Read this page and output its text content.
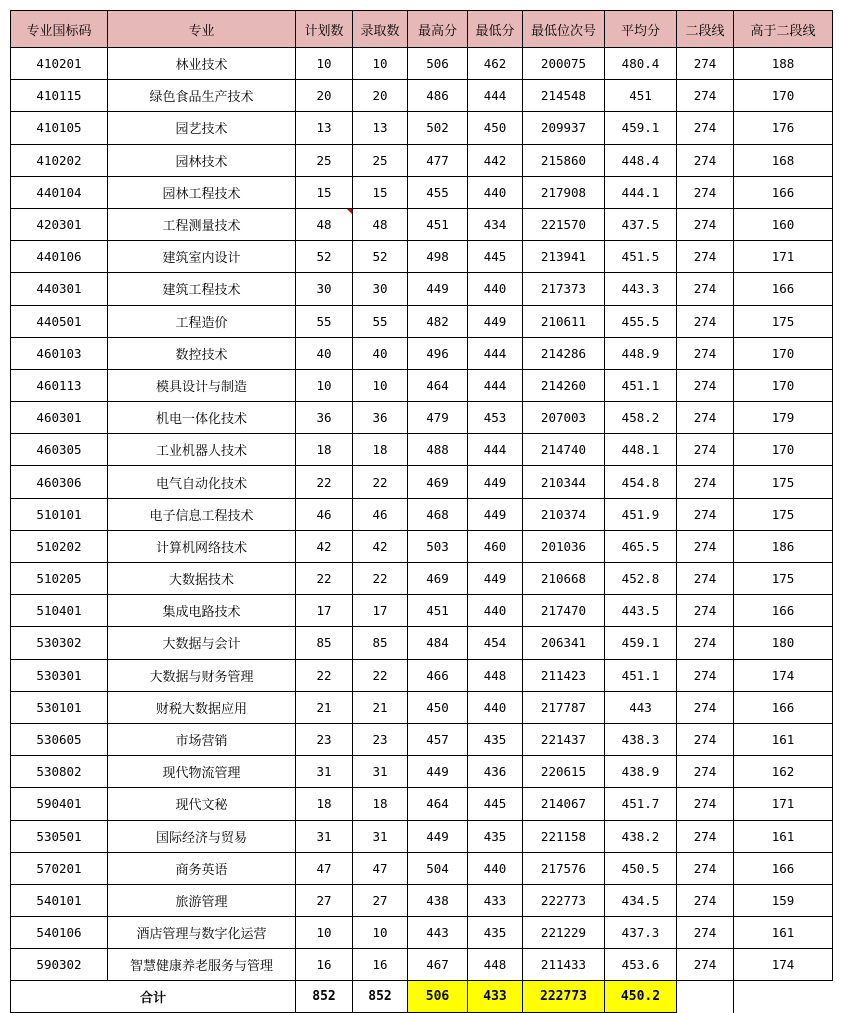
专业国标码	专业	计划数	录取数	最高分	最低分	最低位次号	平均分	二段线	高于二段线
410201	林业技术	10	10	506	462	200075	480.4	274	188
410115	绿色食品生产技术	20	20	486	444	214548	451	274	170
410105	园艺技术	13	13	502	450	209937	459.1	274	176
410202	园林技术	25	25	477	442	215860	448.4	274	168
440104	园林工程技术	15	15	455	440	217908	444.1	274	166
420301	工程测量技术	48	48	451	434	221570	437.5	274	160
440106	建筑室内设计	52	52	498	445	213941	451.5	274	171
440301	建筑工程技术	30	30	449	440	217373	443.3	274	166
440501	工程造价	55	55	482	449	210611	455.5	274	175
460103	数控技术	40	40	496	444	214286	448.9	274	170
460113	模具设计与制造	10	10	464	444	214260	451.1	274	170
460301	机电一体化技术	36	36	479	453	207003	458.2	274	179
460305	工业机器人技术	18	18	488	444	214740	448.1	274	170
460306	电气自动化技术	22	22	469	449	210344	454.8	274	175
510101	电子信息工程技术	46	46	468	449	210374	451.9	274	175
510202	计算机网络技术	42	42	503	460	201036	465.5	274	186
510205	大数据技术	22	22	469	449	210668	452.8	274	175
510401	集成电路技术	17	17	451	440	217470	443.5	274	166
530302	大数据与会计	85	85	484	454	206341	459.1	274	180
530301	大数据与财务管理	22	22	466	448	211423	451.1	274	174
530101	财税大数据应用	21	21	450	440	217787	443	274	166
530605	市场营销	23	23	457	435	221437	438.3	274	161
530802	现代物流管理	31	31	449	436	220615	438.9	274	162
590401	现代文秘	18	18	464	445	214067	451.7	274	171
530501	国际经济与贸易	31	31	449	435	221158	438.2	274	161
570201	商务英语	47	47	504	440	217576	450.5	274	166
540101	旅游管理	27	27	438	433	222773	434.5	274	159
540106	酒店管理与数字化运营	10	10	443	435	221229	437.3	274	161
590302	智慧健康养老服务与管理	16	16	467	448	211433	453.6	274	174
合计		852	852	506	433	222773	450.2		
